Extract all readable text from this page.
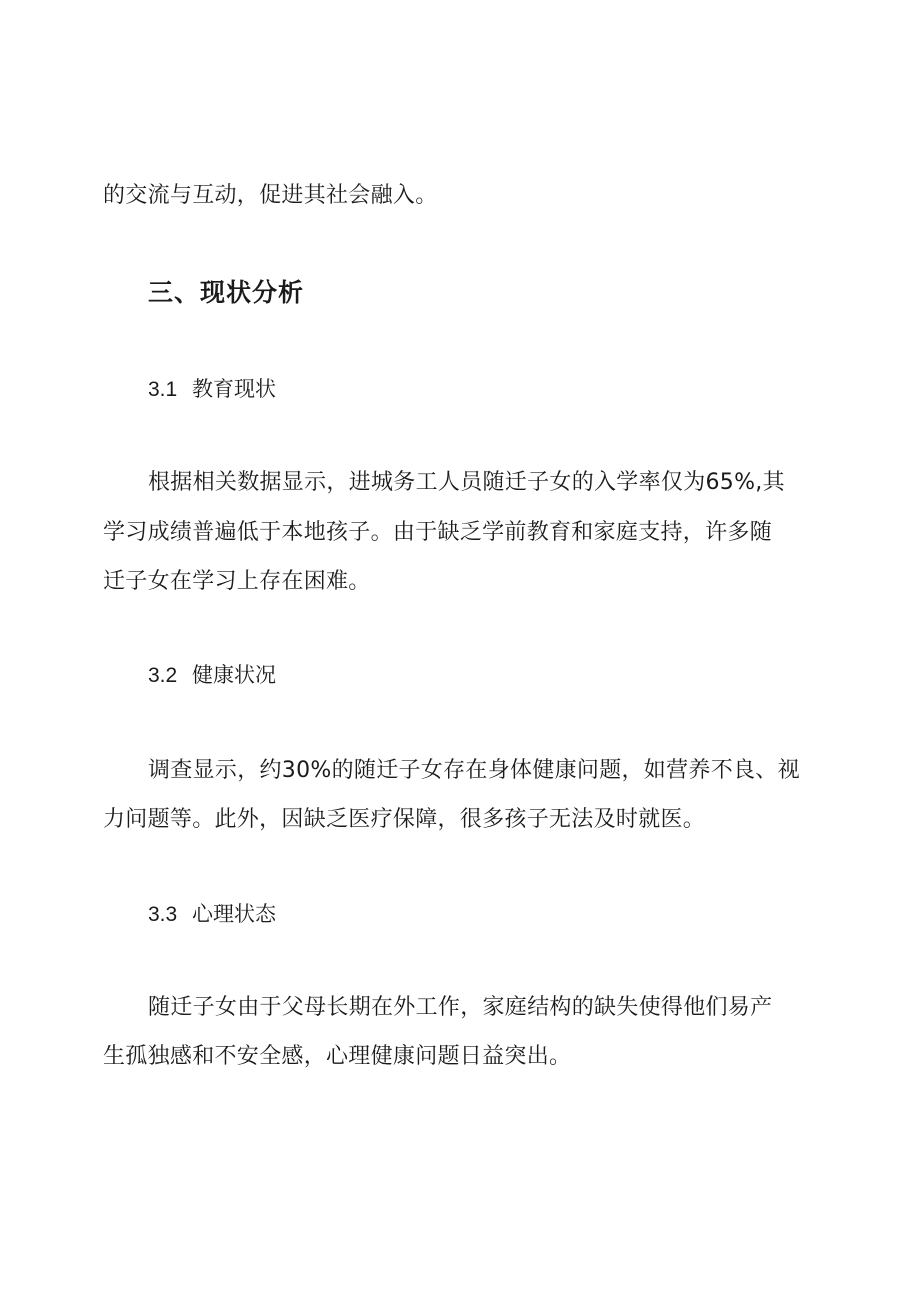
的交流与互动，促进其社会融入。
三、现状分析
3.1 教育现状
根据相关数据显示，进城务工人员随迁子女的入学率仅为65%,其
学习成绩普遍低于本地孩子。由于缺乏学前教育和家庭支持，许多随
迁子女在学习上存在困难。
3.2 健康状况
调查显示，约30%的随迁子女存在身体健康问题，如营养不良、视
力问题等。此外，因缺乏医疗保障，很多孩子无法及时就医。
3.3 心理状态
随迁子女由于父母长期在外工作，家庭结构的缺失使得他们易产
生孤独感和不安全感，心理健康问题日益突出。
